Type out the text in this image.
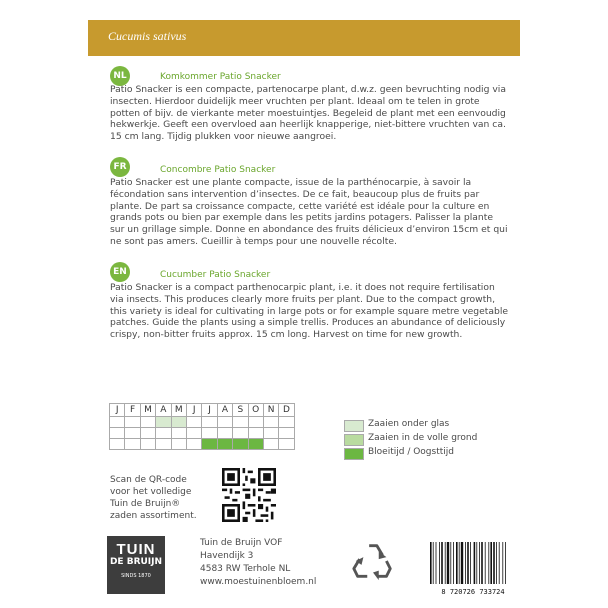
Cucumis sativus
NL	Komkommer Patio Snacker
Patio Snacker is een compacte, partenocarpe plant, d.w.z. geen bevruchting nodig via insecten. Hierdoor duidelijk meer vruchten per plant. Ideaal om te telen in grote potten of bijv. de vierkante meter moestuintjes. Begeleid de plant met een eenvoudig hekwerkje. Geeft een overvloed aan heerlijk knapperige, niet-bittere vruchten van ca. 15 cm lang. Tijdig plukken voor nieuwe aangroei.
FR	Concombre Patio Snacker
Patio Snacker est une plante compacte, issue de la parthénocarpie, à savoir la fécondation sans intervention d’insectes. De ce fait, beaucoup plus de fruits par plante. De part sa croissance compacte, cette variété est idéale pour la culture en grands pots ou bien par exemple dans les petits jardins potagers. Palisser la plante sur un grillage simple. Donne en abondance des fruits délicieux d’environ 15cm et qui ne sont pas amers. Cueillir à temps pour une nouvelle récolte.
EN	Cucumber Patio Snacker
Patio Snacker is a compact parthenocarpic plant, i.e. it does not require fertilisation via insects. This produces clearly more fruits per plant. Due to the compact growth, this variety is ideal for cultivating in large pots or for example square metre vegetable patches. Guide the plants using a simple trellis. Produces an abundance of deliciously crispy, non-bitter fruits approx. 15 cm long. Harvest on time for new growth.
J	F	M	A	M	J	J	A	S	O	N	D

Zaaien onder glas
Zaaien in de volle grond
Bloeitijd / Oogsttijd
Scan de QR-code
voor het volledige
Tuin de Bruijn®
zaden assortiment.
TUIN
DE BRUIJN
SINDS 1870
Tuin de Bruijn VOF
Havendijk 3
4583 RW Terhole NL
www.moestuinenbloem.nl
8 720726 733724
